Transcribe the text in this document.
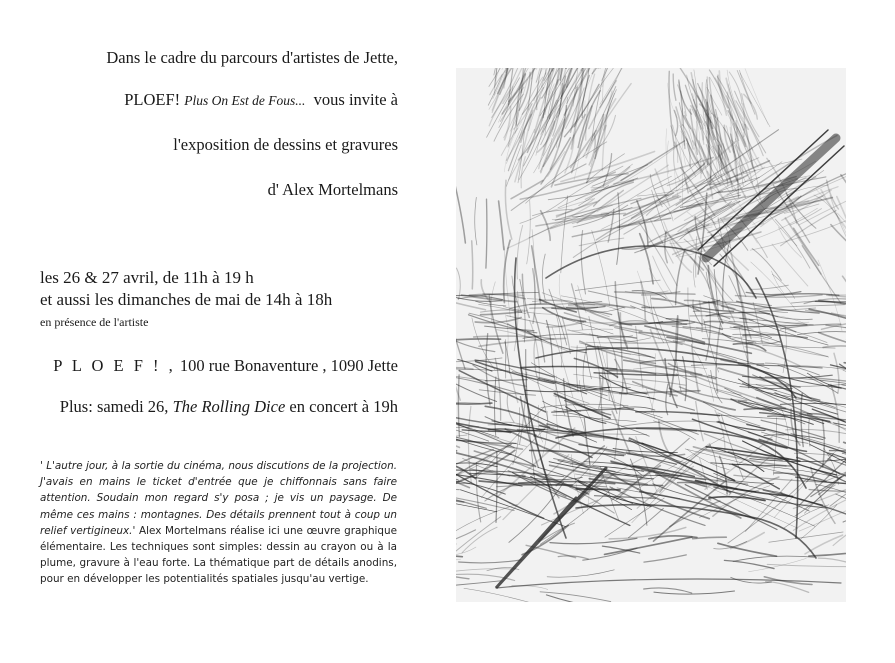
Dans le cadre du parcours d'artistes de Jette,
PLOEF! Plus On Est de Fous... vous invite à
l'exposition de dessins et gravures
d' Alex Mortelmans
les 26 & 27 avril, de 11h à 19 h
et aussi les dimanches de mai de 14h à 18h
en présence de l'artiste
P L O E F ! , 100 rue Bonaventure , 1090 Jette
Plus: samedi 26, The Rolling Dice en concert à 19h
' L'autre jour, à la sortie du cinéma, nous discutions de la projection. J'avais en mains le ticket d'entrée que je chiffonnais sans faire attention. Soudain mon regard s'y posa ; je vis un paysage. De même ces mains : montagnes. Des détails prennent tout à coup un relief vertigineux.' Alex Mortelmans réalise ici une œuvre graphique élémentaire. Les techniques sont simples: dessin au crayon ou à la plume, gravure à l'eau forte. La thématique part de détails anodins, pour en développer les potentialités spatiales jusqu'au vertige.
